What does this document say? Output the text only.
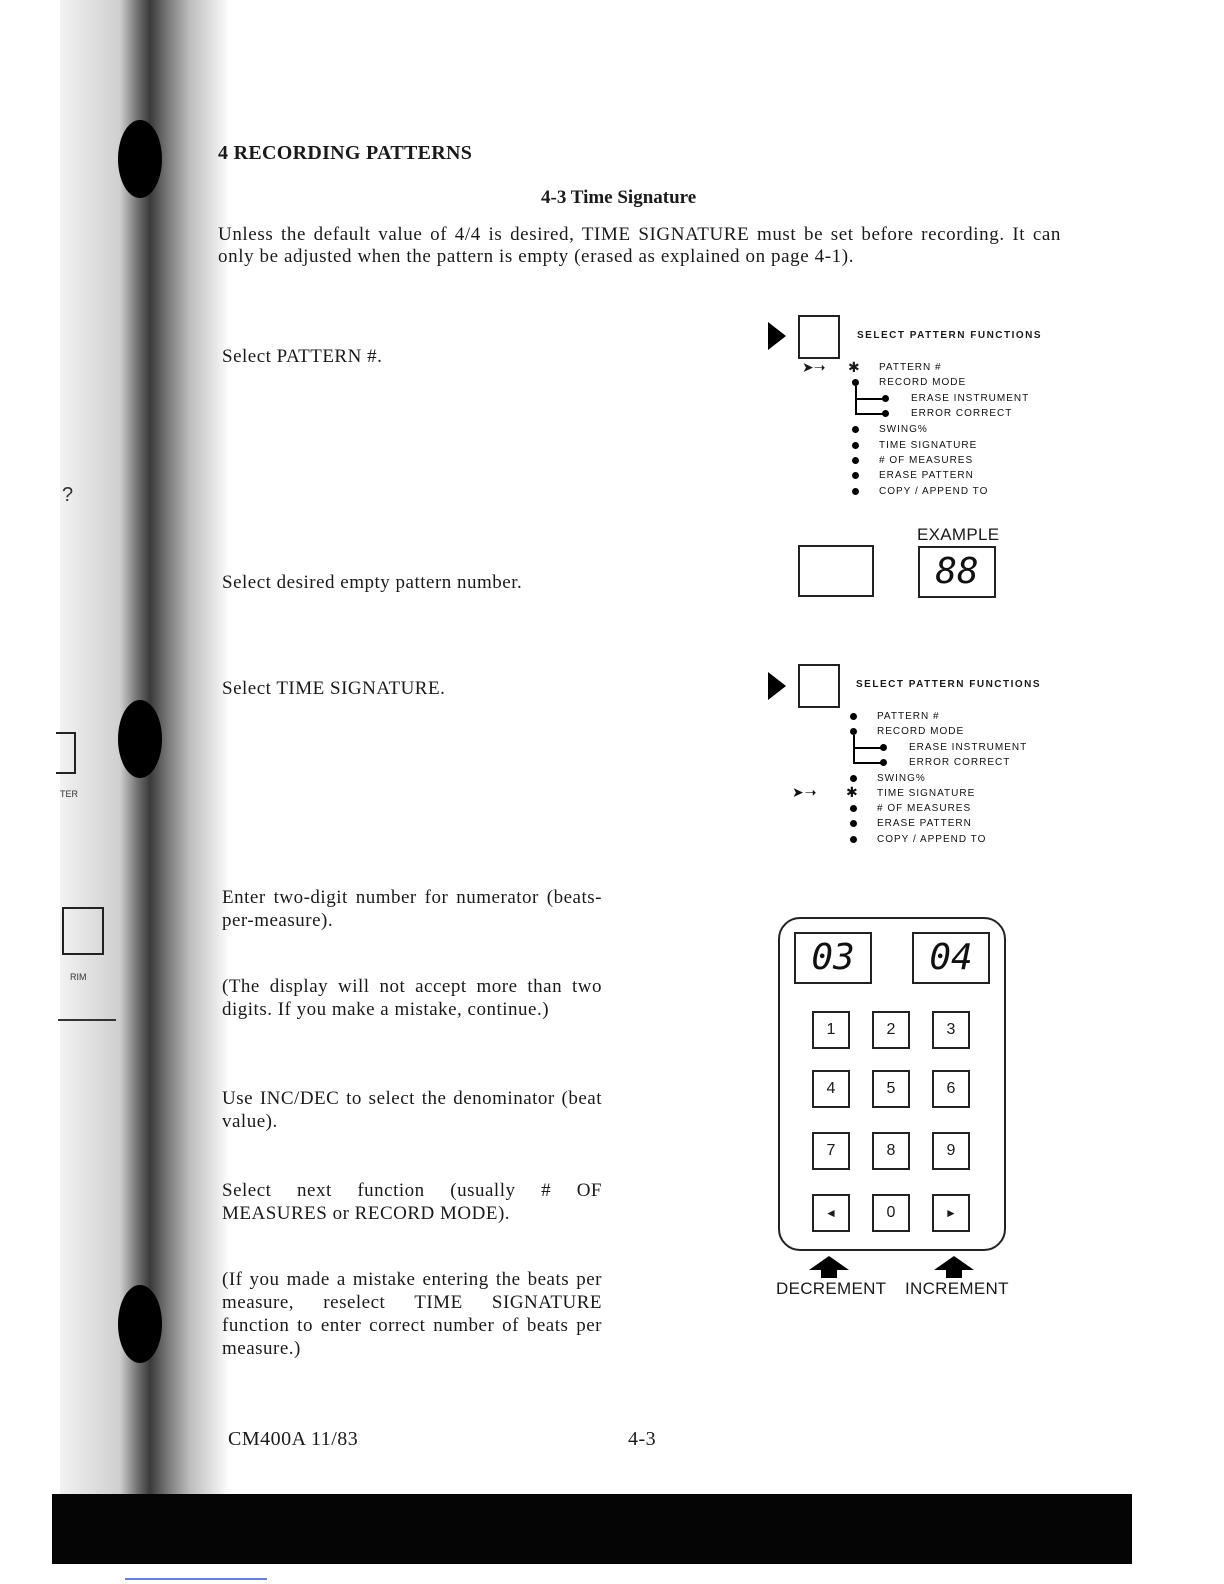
?
TER
RIM
4 RECORDING PATTERNS
4-3 Time Signature
Unless the default value of 4/4 is desired, TIME SIGNATURE must be set before recording. It can only be adjusted when the pattern is empty (erased as explained on page 4-1).
Select PATTERN #.
Select desired empty pattern number.
Select TIME SIGNATURE.
Enter two-digit number for numerator (beats-per-measure).
(The display will not accept more than two digits. If you make a mistake, continue.)
Use INC/DEC to select the denominator (beat value).
Select next function (usually # OF MEASURES or RECORD MODE).
(If you made a mistake entering the beats per measure, reselect TIME SIGNATURE function to enter correct number of beats per measure.)
SELECT PATTERN FUNCTIONS
➤➝ ✱ PATTERN #
RECORD MODE
ERASE INSTRUMENT
ERROR CORRECT
SWING%
TIME SIGNATURE
# OF MEASURES
ERASE PATTERN
COPY / APPEND TO
EXAMPLE
88
SELECT PATTERN FUNCTIONS
PATTERN #
RECORD MODE
ERASE INSTRUMENT
ERROR CORRECT
SWING%
➤➝ ✱ TIME SIGNATURE
# OF MEASURES
ERASE PATTERN
COPY / APPEND TO
03	04
1	2	3
4	5	6
7	8	9
◄	0	►
DECREMENT INCREMENT
CM400A 11/83	4-3
